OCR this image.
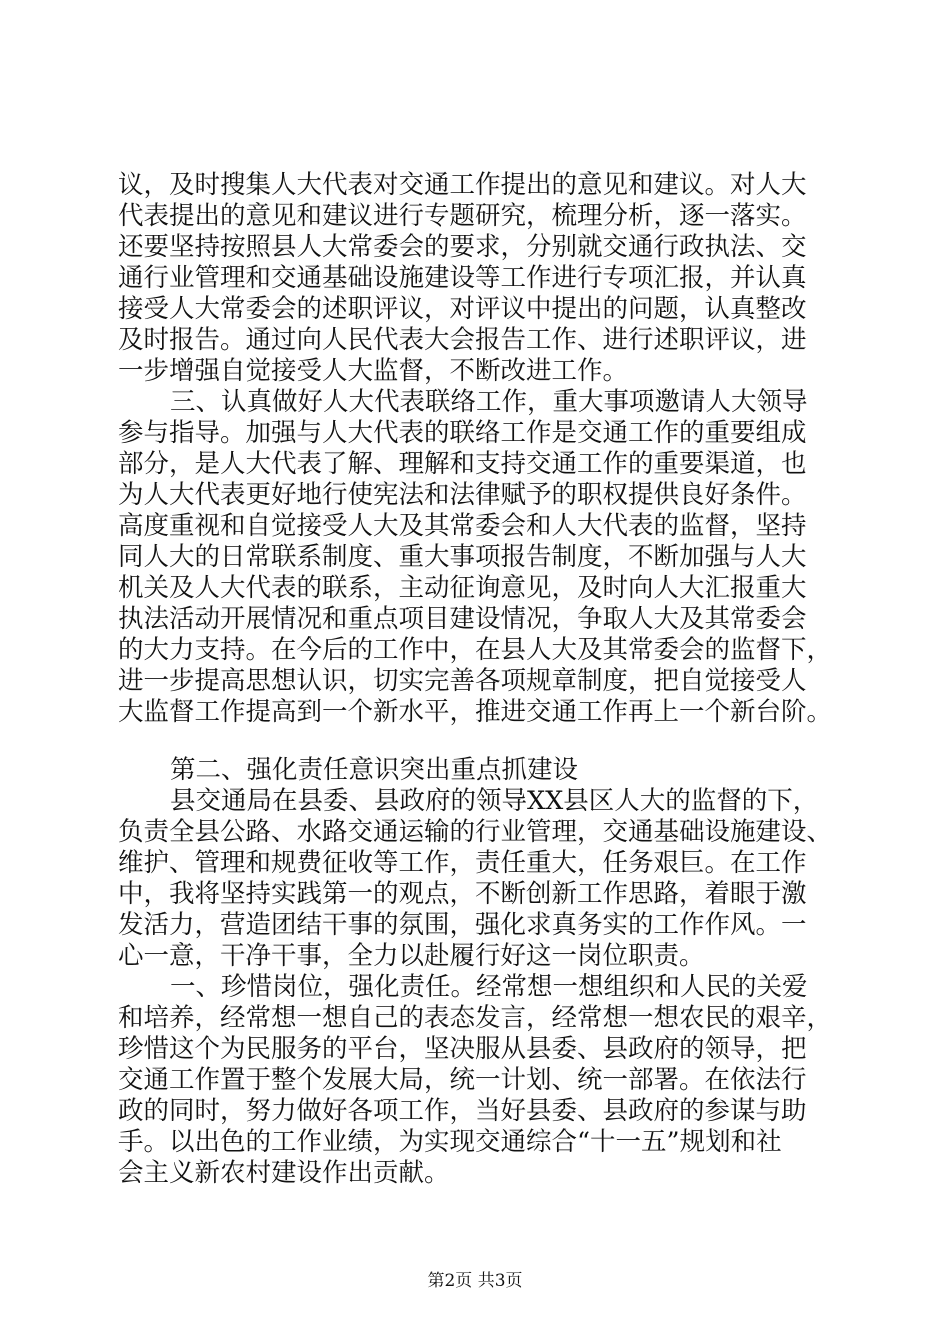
议，及时搜集人大代表对交通工作提出的意见和建议。对人大
代表提出的意见和建议进行专题研究，梳理分析，逐一落实。
还要坚持按照县人大常委会的要求，分别就交通行政执法、交
通行业管理和交通基础设施建设等工作进行专项汇报，并认真
接受人大常委会的述职评议，对评议中提出的问题，认真整改
及时报告。通过向人民代表大会报告工作、进行述职评议，进
一步增强自觉接受人大监督，不断改进工作。
三、认真做好人大代表联络工作，重大事项邀请人大领导
参与指导。加强与人大代表的联络工作是交通工作的重要组成
部分，是人大代表了解、理解和支持交通工作的重要渠道，也
为人大代表更好地行使宪法和法律赋予的职权提供良好条件。
高度重视和自觉接受人大及其常委会和人大代表的监督，坚持
同人大的日常联系制度、重大事项报告制度，不断加强与人大
机关及人大代表的联系，主动征询意见，及时向人大汇报重大
执法活动开展情况和重点项目建设情况，争取人大及其常委会
的大力支持。在今后的工作中，在县人大及其常委会的监督下，
进一步提高思想认识，切实完善各项规章制度，把自觉接受人
大监督工作提高到一个新水平，推进交通工作再上一个新台阶。
第二、强化责任意识突出重点抓建设
县交通局在县委、县政府的领导XX县区人大的监督的下，
负责全县公路、水路交通运输的行业管理，交通基础设施建设、
维护、管理和规费征收等工作，责任重大，任务艰巨。在工作
中，我将坚持实践第一的观点，不断创新工作思路，着眼于激
发活力，营造团结干事的氛围，强化求真务实的工作作风。一
心一意，干净干事，全力以赴履行好这一岗位职责。
一、珍惜岗位，强化责任。经常想一想组织和人民的关爱
和培养，经常想一想自己的表态发言，经常想一想农民的艰辛，
珍惜这个为民服务的平台，坚决服从县委、县政府的领导，把
交通工作置于整个发展大局，统一计划、统一部署。在依法行
政的同时，努力做好各项工作，当好县委、县政府的参谋与助
手。以出色的工作业绩，为实现交通综合“十一五”规划和社
会主义新农村建设作出贡献。
第2页 共3页
